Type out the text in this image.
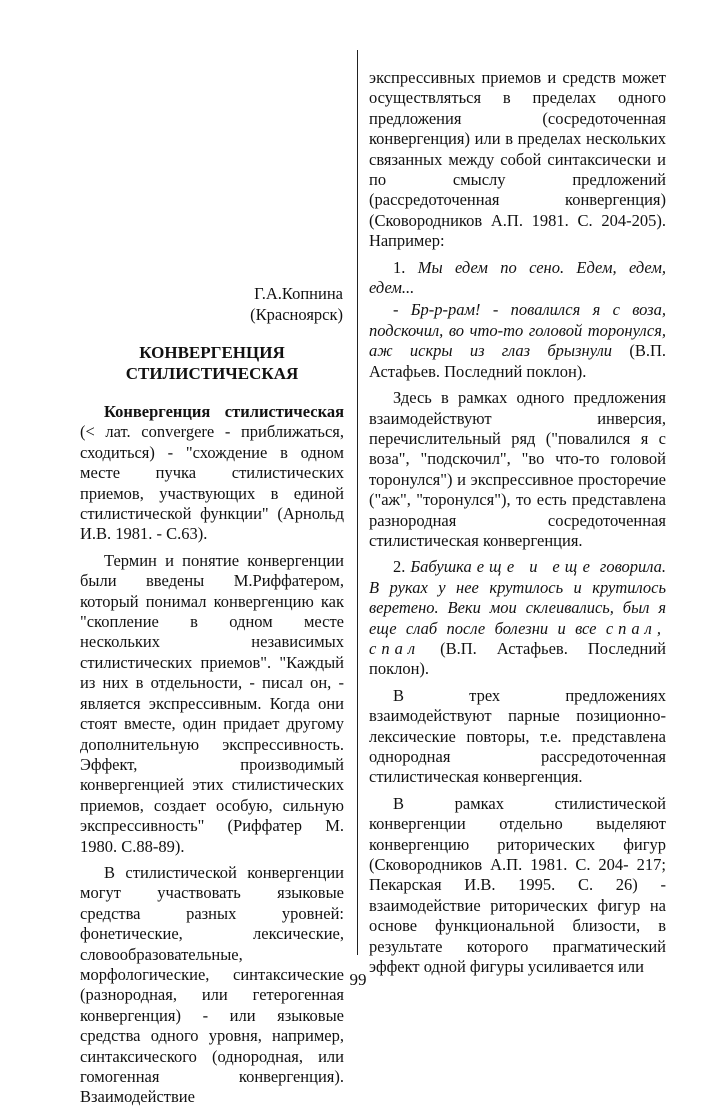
Г.А.Копнина
(Красноярск)
КОНВЕРГЕНЦИЯ
СТИЛИСТИЧЕСКАЯ

Конвергенция стилистическая (< лат. convergere - приближаться, сходиться) - "схождение в одном месте пучка стилистических приемов, участвующих в единой стилистической функции" (Арнольд И.В. 1981. - С.63).

Термин и понятие конвергенции были введены М.Риффатером, который понимал конвергенцию как "скопление в одном месте нескольких независимых стилистических приемов". "Каждый из них в отдельности, - писал он, - является экспрессивным. Когда они стоят вместе, один придает другому дополнительную экспрессивность. Эффект, производимый конвергенцией этих стилистических приемов, создает особую, сильную экспрессивность" (Риффатер М. 1980. С.88-89).

В стилистической конвергенции могут участвовать языковые средства разных уровней: фонетические, лексические, словообразовательные, морфологические, синтаксические (разнородная, или гетерогенная конвергенция) - или языковые средства одного уровня, например, синтаксического (однородная, или гомогенная конвергенция). Взаимодействие

экспрессивных приемов и средств может осуществляться в пределах одного предложения (сосредоточенная конвергенция) или в пределах нескольких связанных между собой синтаксически и по смыслу предложений (рассредоточенная конвергенция) (Сковородников А.П. 1981. С. 204-205). Например:

1. Мы едем по сено. Едем, едем, едем...

- Бр-р-рам! - повалился я с воза, подскочил, во что-то головой торонулся, аж искры из глаз брызнули (В.П. Астафьев. Последний поклон).

Здесь в рамках одного предложения взаимодействуют инверсия, перечислительный ряд ("повалился я с воза", "подскочил", "во что-то головой торонулся") и экспрессивное просторечие ("аж", "торонулся"), то есть представлена разнородная сосредоточенная стилистическая конвергенция.

2. Бабушка еще и еще говорила. В руках у нее крутилось и крутилось веретено. Веки мои склеивались, был я еще слаб после болезни и все спал, спал (В.П. Астафьев. Последний поклон).

В трех предложениях взаимодействуют парные позиционно-лексические повторы, т.е. представлена однородная рассредоточенная стилистическая конвергенция.

В рамках стилистической конвергенции отдельно выделяют конвергенцию риторических фигур (Сковородников А.П. 1981. С. 204- 217; Пекарская И.В. 1995. С. 26) - взаимодействие риторических фигур на основе функциональной близости, в результате которого прагматический эффект одной фигуры усиливается или

99
